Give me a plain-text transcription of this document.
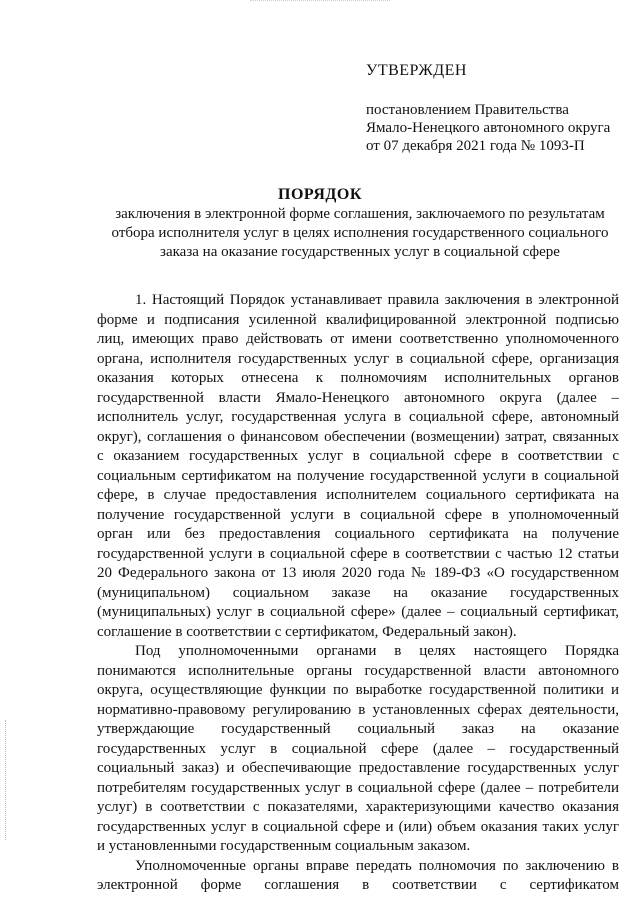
УТВЕРЖДЕН
постановлением Правительства
Ямало-Ненецкого автономного округа
от 07 декабря 2021 года № 1093-П
ПОРЯДОК
заключения в электронной форме соглашения, заключаемого по результатам
отбора исполнителя услуг в целях исполнения государственного социального
заказа на оказание государственных услуг в социальной сфере
1. Настоящий Порядок устанавливает правила заключения в электронной
форме и подписания усиленной квалифицированной электронной подписью
лиц, имеющих право действовать от имени соответственно уполномоченного
органа, исполнителя государственных услуг в социальной сфере, организация
оказания которых отнесена к полномочиям исполнительных органов
государственной власти Ямало-Ненецкого автономного округа (далее –
исполнитель услуг, государственная услуга в социальной сфере, автономный
округ), соглашения о финансовом обеспечении (возмещении) затрат, связанных
с оказанием государственных услуг в социальной сфере в соответствии с
социальным сертификатом на получение государственной услуги в социальной
сфере, в случае предоставления исполнителем социального сертификата на
получение государственной услуги в социальной сфере в уполномоченный
орган или без предоставления социального сертификата на получение
государственной услуги в социальной сфере в соответствии с частью 12 статьи
20 Федерального закона от 13 июля 2020 года № 189-ФЗ «О государственном
(муниципальном) социальном заказе на оказание государственных
(муниципальных) услуг в социальной сфере» (далее – социальный сертификат,
соглашение в соответствии с сертификатом, Федеральный закон).
Под уполномоченными органами в целях настоящего Порядка
понимаются исполнительные органы государственной власти автономного
округа, осуществляющие функции по выработке государственной политики и
нормативно-правовому регулированию в установленных сферах деятельности,
утверждающие государственный социальный заказ на оказание
государственных услуг в социальной сфере (далее – государственный
социальный заказ) и обеспечивающие предоставление государственных услуг
потребителям государственных услуг в социальной сфере (далее – потребители
услуг) в соответствии с показателями, характеризующими качество оказания
государственных услуг в социальной сфере и (или) объем оказания таких услуг
и установленными государственным социальным заказом.
Уполномоченные органы вправе передать полномочия по заключению в
электронной форме соглашения в соответствии с сертификатом
